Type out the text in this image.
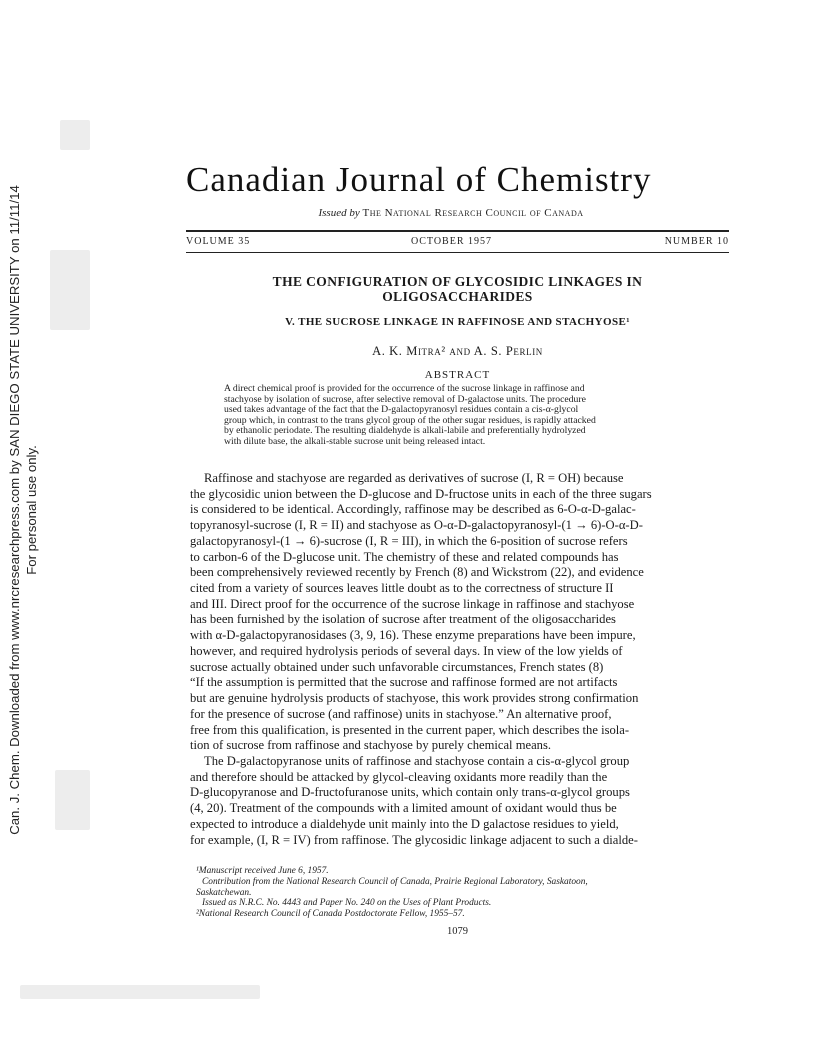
Can. J. Chem. Downloaded from www.nrcresearchpress.com by SAN DIEGO STATE UNIVERSITY on 11/11/14 For personal use only.
Canadian Journal of Chemistry
Issued by The National Research Council of Canada
VOLUME 35	OCTOBER 1957	NUMBER 10
THE CONFIGURATION OF GLYCOSIDIC LINKAGES IN
OLIGOSACCHARIDES
V. THE SUCROSE LINKAGE IN RAFFINOSE AND STACHYOSE¹
A. K. Mitra² and A. S. Perlin
ABSTRACT
A direct chemical proof is provided for the occurrence of the sucrose linkage in raffinose and
stachyose by isolation of sucrose, after selective removal of D-galactose units. The procedure
used takes advantage of the fact that the D-galactopyranosyl residues contain a cis-α-glycol
group which, in contrast to the trans glycol group of the other sugar residues, is rapidly attacked
by ethanolic periodate. The resulting dialdehyde is alkali-labile and preferentially hydrolyzed
with dilute base, the alkali-stable sucrose unit being released intact.
Raffinose and stachyose are regarded as derivatives of sucrose (I, R = OH) because
the glycosidic union between the D-glucose and D-fructose units in each of the three sugars
is considered to be identical. Accordingly, raffinose may be described as 6-O-α-D-galac-
topyranosyl-sucrose (I, R = II) and stachyose as O-α-D-galactopyranosyl-(1 → 6)-O-α-D-
galactopyranosyl-(1 → 6)-sucrose (I, R = III), in which the 6-position of sucrose refers
to carbon-6 of the D-glucose unit. The chemistry of these and related compounds has
been comprehensively reviewed recently by French (8) and Wickstrom (22), and evidence
cited from a variety of sources leaves little doubt as to the correctness of structure II
and III. Direct proof for the occurrence of the sucrose linkage in raffinose and stachyose
has been furnished by the isolation of sucrose after treatment of the oligosaccharides
with α-D-galactopyranosidases (3, 9, 16). These enzyme preparations have been impure,
however, and required hydrolysis periods of several days. In view of the low yields of
sucrose actually obtained under such unfavorable circumstances, French states (8)
“If the assumption is permitted that the sucrose and raffinose formed are not artifacts
but are genuine hydrolysis products of stachyose, this work provides strong confirmation
for the presence of sucrose (and raffinose) units in stachyose.” An alternative proof,
free from this qualification, is presented in the current paper, which describes the isola-
tion of sucrose from raffinose and stachyose by purely chemical means.
The D-galactopyranose units of raffinose and stachyose contain a cis-α-glycol group
and therefore should be attacked by glycol-cleaving oxidants more readily than the
D-glucopyranose and D-fructofuranose units, which contain only trans-α-glycol groups
(4, 20). Treatment of the compounds with a limited amount of oxidant would thus be
expected to introduce a dialdehyde unit mainly into the D galactose residues to yield,
for example, (I, R = IV) from raffinose. The glycosidic linkage adjacent to such a dialde-
¹Manuscript received June 6, 1957.
Contribution from the National Research Council of Canada, Prairie Regional Laboratory, Saskatoon,
Saskatchewan.
Issued as N.R.C. No. 4443 and Paper No. 240 on the Uses of Plant Products.
²National Research Council of Canada Postdoctorate Fellow, 1955–57.
1079
